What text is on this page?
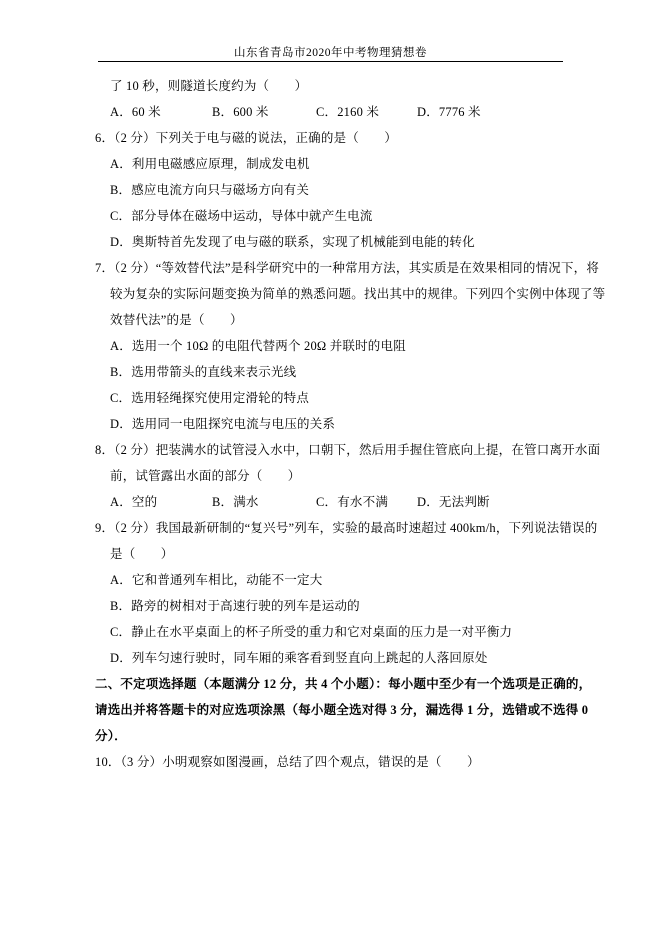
山东省青岛市2020年中考物理猜想卷
了 10 秒，则隧道长度约为（　　）
A．60 米	B．600 米	C．2160 米	D．7776 米
6．（2 分）下列关于电与磁的说法，正确的是（　　）
A．利用电磁感应原理，制成发电机
B．感应电流方向只与磁场方向有关
C．部分导体在磁场中运动，导体中就产生电流
D．奥斯特首先发现了电与磁的联系，实现了机械能到电能的转化
7．（2 分）“等效替代法”是科学研究中的一种常用方法，其实质是在效果相同的情况下，将
较为复杂的实际问题变换为简单的熟悉问题。找出其中的规律。下列四个实例中体现了等
效替代法”的是（　　）
A．选用一个 10Ω 的电阻代替两个 20Ω 并联时的电阻
B．选用带箭头的直线来表示光线
C．选用轻绳探究使用定滑轮的特点
D．选用同一电阻探究电流与电压的关系
8．（2 分）把装满水的试管浸入水中，口朝下，然后用手握住管底向上提，在管口离开水面
前，试管露出水面的部分（　　）
A．空的	B．满水	C．有水不满	D．无法判断
9．（2 分）我国最新研制的“复兴号”列车，实验的最高时速超过 400km/h，下列说法错误的
是（　　）
A．它和普通列车相比，动能不一定大
B．路旁的树相对于高速行驶的列车是运动的
C．静止在水平桌面上的杯子所受的重力和它对桌面的压力是一对平衡力
D．列车匀速行驶时，同车厢的乘客看到竖直向上跳起的人落回原处
二、不定项选择题（本题满分 12 分，共 4 个小题）：每小题中至少有一个选项是正确的，
请选出并将答题卡的对应选项涂黑（每小题全选对得 3 分，漏选得 1 分，选错或不选得 0
分）．
10．（3 分）小明观察如图漫画，总结了四个观点，错误的是（　　）
